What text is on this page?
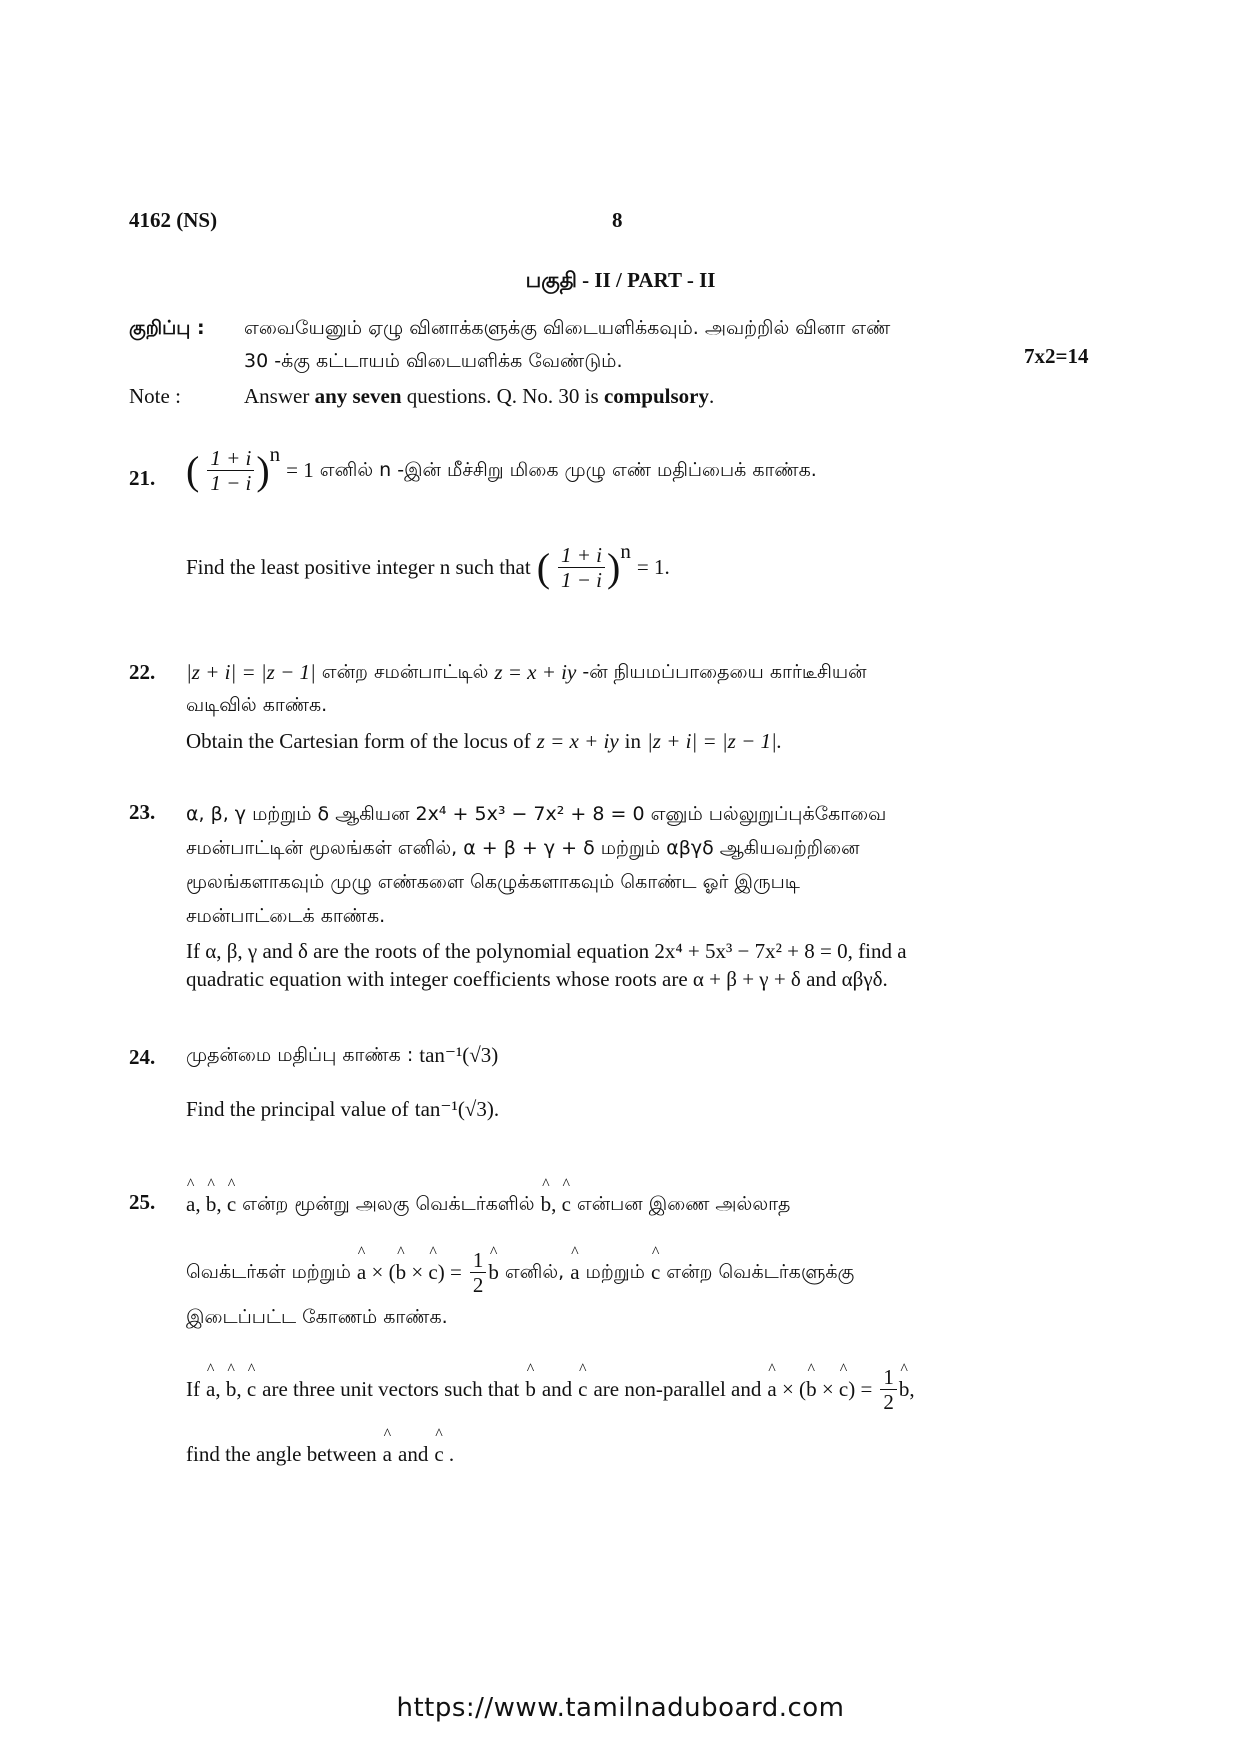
4162 (NS)	8
பகுதி - II / PART - II
குறிப்பு : எவையேனும் ஏழு வினாக்களுக்கு விடையளிக்கவும். அவற்றில் வினா எண்
30 -க்கு கட்டாயம் விடையளிக்க வேண்டும்.	7x2=14
Note :	Answer any seven questions. Q. No. 30 is compulsory.
21. ( $\frac{1 + i}{1 - i}$ ) n
= 1 எனில் n -இன் மீச்சிறு மிகை முழு எண் மதிப்பைக் காண்க.
Find the least positive integer n such that ( $\frac{1 + i}{1 - i}$ ) n
= 1.
22. |z + i| = |z − 1| என்ற சமன்பாட்டில் z = x + iy -ன் நியமப்பாதையை கார்டீசியன்
வடிவில் காண்க.
Obtain the Cartesian form of the locus of z = x + iy in |z + i| = |z − 1|.
23. α, β, γ மற்றும் δ ஆகியன 2x⁴ + 5x³ − 7x² + 8 = 0 எனும் பல்லுறுப்புக்கோவை
சமன்பாட்டின் மூலங்கள் எனில், α + β + γ + δ மற்றும் αβγδ ஆகியவற்றினை
மூலங்களாகவும் முழு எண்களை கெழுக்களாகவும் கொண்ட ஓர் இருபடி
சமன்பாட்டைக் காண்க.
If α, β, γ and δ are the roots of the polynomial equation 2x⁴ + 5x³ − 7x² + 8 = 0, find a
quadratic equation with integer coefficients whose roots are α + β + γ + δ and αβγδ.
24. முதன்மை மதிப்பு காண்க : tan⁻¹(√3)
Find the principal value of tan⁻¹(√3).
25. ^ a, ^ b, ^ c என்ற மூன்று அலகு வெக்டர்களில் ^ b, ^ c என்பன இணை அல்லாத
வெக்டர்கள் மற்றும் ^ a × (^ b × ^ $c) = \frac{1}{2}$ ^ b எனில், ^ a மற்றும் ^ c என்ற வெக்டர்களுக்கு
இடைப்பட்ட கோணம் காண்க.
If ^ a, ^ b, ^ c are three unit vectors such that ^ b and ^ c are non-parallel and ^ a × (^ b × ^ $c) = \frac{1}{2}$ ^ b,
find the angle between ^ a and ^ c .
https://www.tamilnaduboard.com
